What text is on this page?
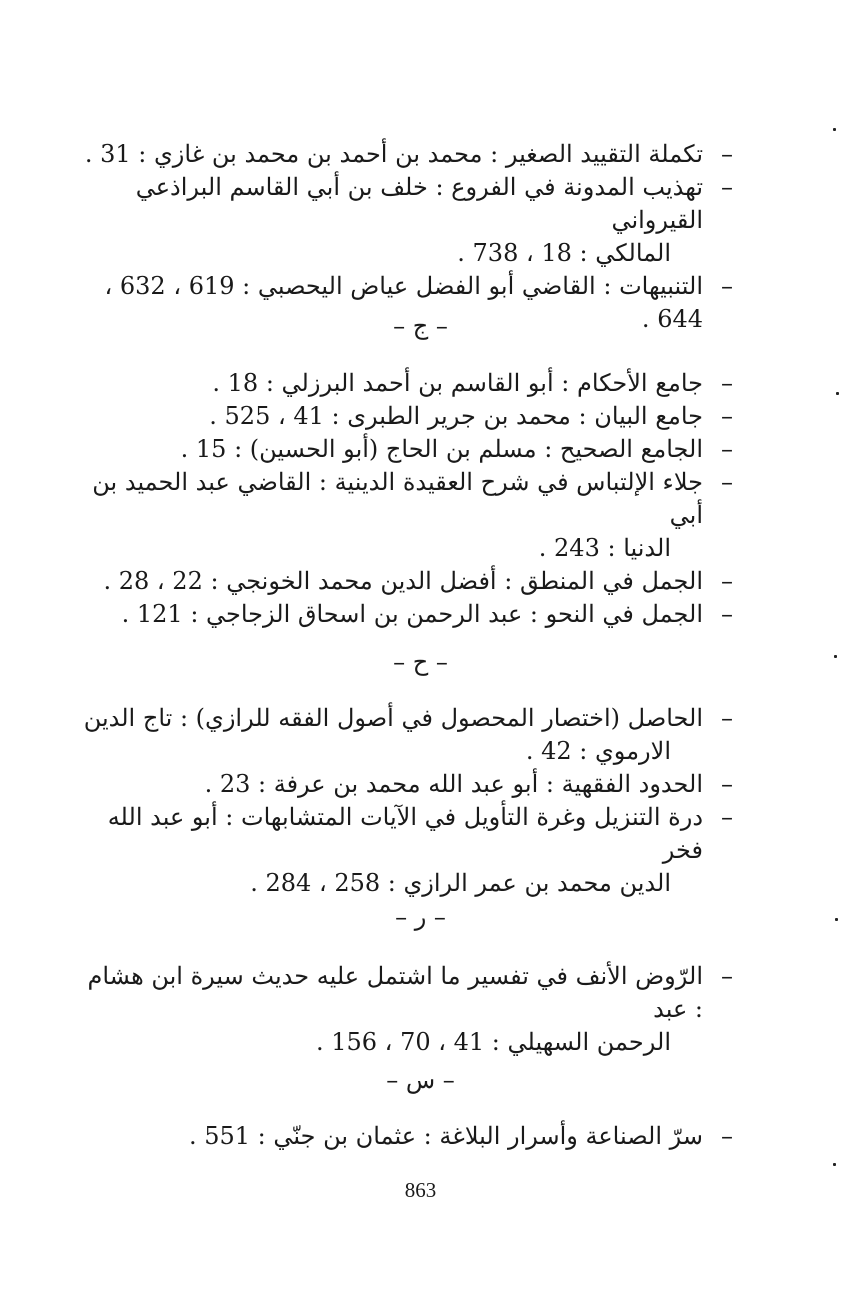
–
تكملة التقييد الصغير : محمد بن أحمد بن محمد بن غازي : 31 .
–
تهذيب المدونة في الفروع : خلف بن أبي القاسم البراذعي القيرواني
المالكي : 18 ، 738 .
–
التنبيهات : القاضي أبو الفضل عياض اليحصبي : 619 ، 632 ، 644 .
– ج –
–
جامع الأحكام : أبو القاسم بن أحمد البرزلي : 18 .
–
جامع البيان : محمد بن جرير الطبرى : 41 ، 525 .
–
الجامع الصحيح : مسلم بن الحاج (أبو الحسين) : 15 .
–
جلاء الإلتباس في شرح العقيدة الدينية : القاضي عبد الحميد بن أبي
الدنيا : 243 .
–
الجمل في المنطق : أفضل الدين محمد الخونجي : 22 ، 28 .
–
الجمل في النحو : عبد الرحمن بن اسحاق الزجاجي : 121 .
– ح –
–
الحاصل (اختصار المحصول في أصول الفقه للرازي) : تاج الدين
الارموي : 42 .
–
الحدود الفقهية : أبو عبد الله محمد بن عرفة : 23 .
–
درة التنزيل وغرة التأويل في الآيات المتشابهات : أبو عبد الله فخر
الدين محمد بن عمر الرازي : 258 ، 284 .
– ر –
–
الرّوض الأنف في تفسير ما اشتمل عليه حديث سيرة ابن هشام : عبد
الرحمن السهيلي : 41 ، 70 ، 156 .
– س –
–
سرّ الصناعة وأسرار البلاغة : عثمان بن جنّي : 551 .
863
